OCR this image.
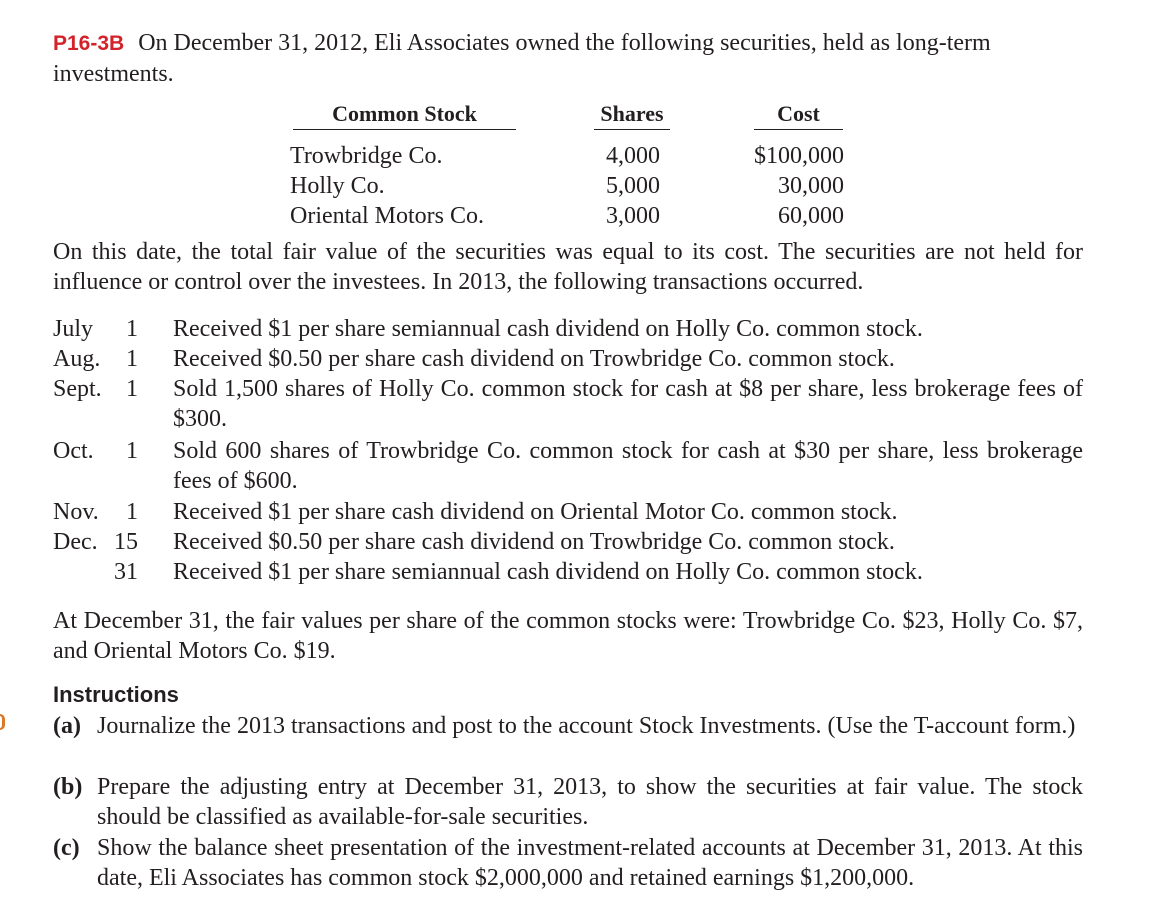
P16-3B On December 31, 2012, Eli Associates owned the following securities, held as long-term investments.
Common Stock	Shares	Cost
Trowbridge Co.	4,000	$100,000
Holly Co.	5,000	30,000
Oriental Motors Co.	3,000	60,000
On this date, the total fair value of the securities was equal to its cost. The securities are not held for influence or control over the investees. In 2013, the following transactions occurred.
July 1 Received $1 per share semiannual cash dividend on Holly Co. common stock.
Aug. 1 Received $0.50 per share cash dividend on Trowbridge Co. common stock.
Sept. 1 Sold 1,500 shares of Holly Co. common stock for cash at $8 per share, less brokerage fees of $300.
Oct. 1 Sold 600 shares of Trowbridge Co. common stock for cash at $30 per share, less brokerage fees of $600.
Nov. 1 Received $1 per share cash dividend on Oriental Motor Co. common stock.
Dec. 15 Received $0.50 per share cash dividend on Trowbridge Co. common stock.
31 Received $1 per share semiannual cash dividend on Holly Co. common stock.
At December 31, the fair values per share of the common stocks were: Trowbridge Co. $23, Holly Co. $7, and Oriental Motors Co. $19.
Instructions
(a) Journalize the 2013 transactions and post to the account Stock Investments. (Use the T-account form.)
(b) Prepare the adjusting entry at December 31, 2013, to show the securities at fair value. The stock should be classified as available-for-sale securities.
(c) Show the balance sheet presentation of the investment-related accounts at December 31, 2013. At this date, Eli Associates has common stock $2,000,000 and retained earnings $1,200,000.
